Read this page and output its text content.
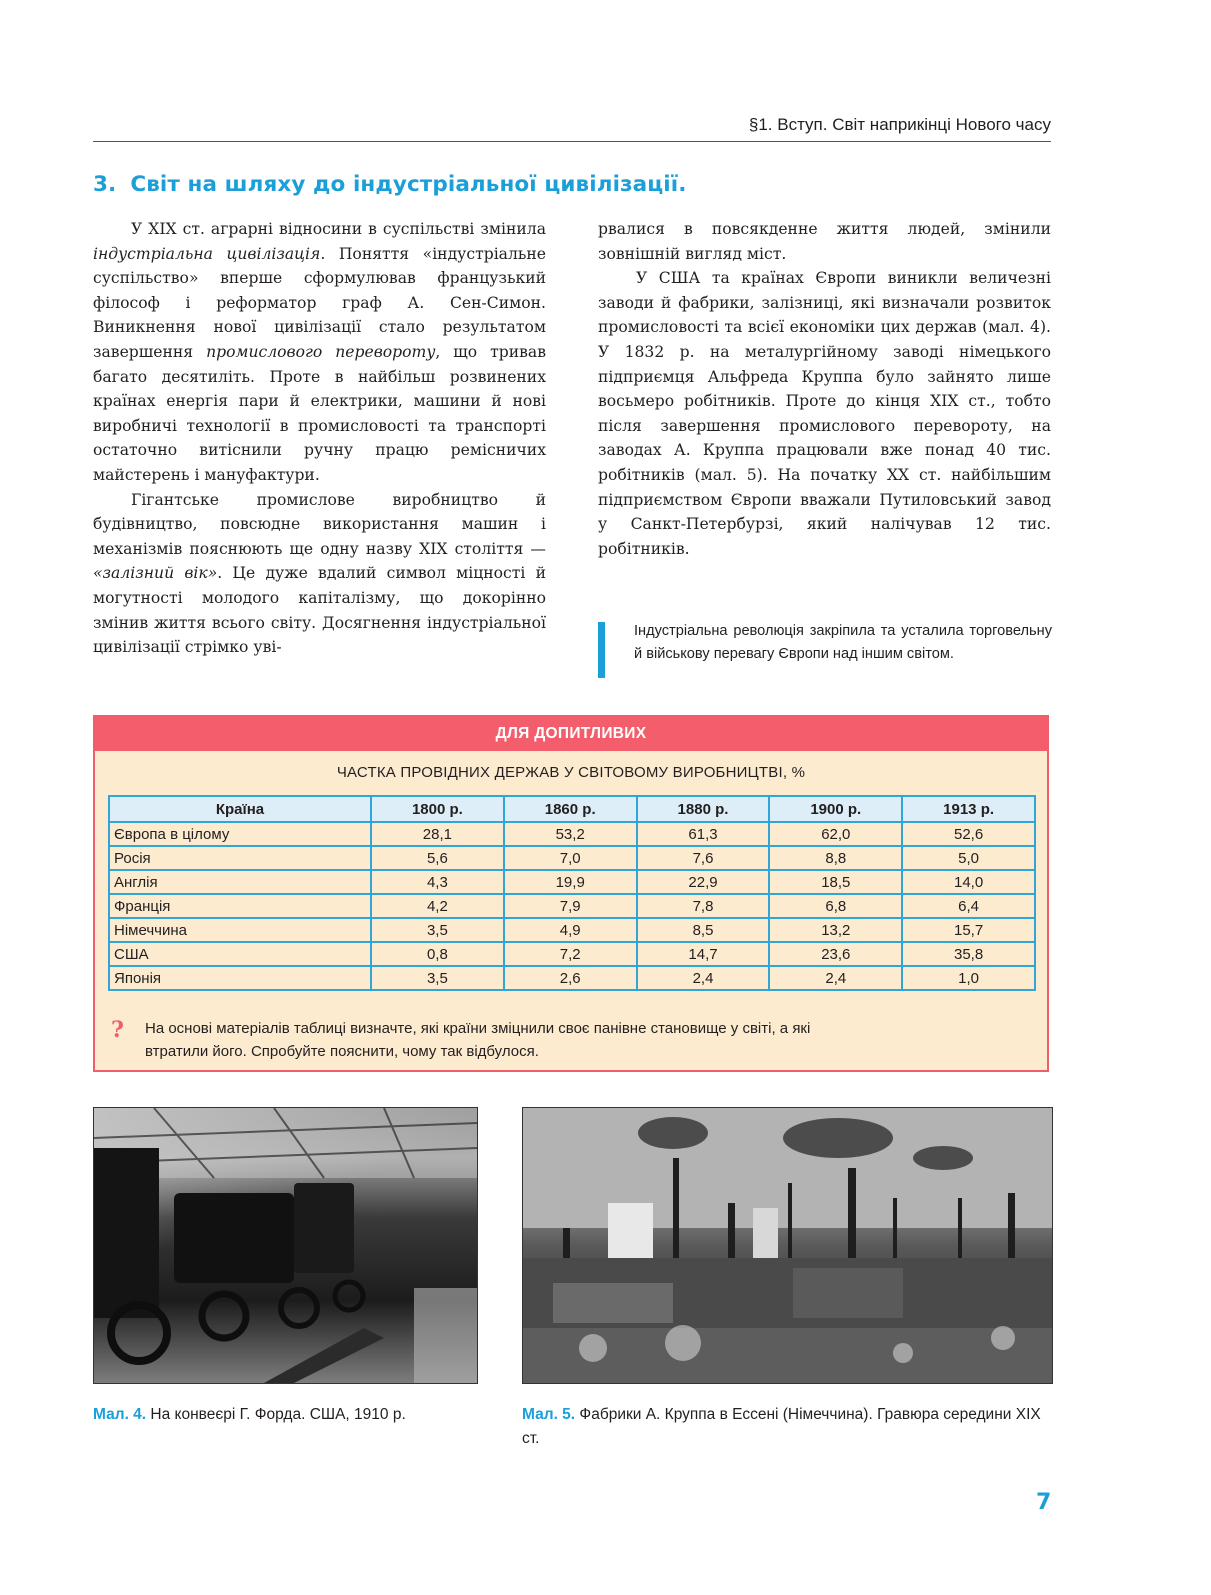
§1. Вступ. Світ наприкінці Нового часу
3. Світ на шляху до індустріальної цивілізації.

У XIX ст. аграрні відносини в суспільстві змінила індустріальна цивілізація. Поняття «індустріальне суспільство» вперше сформулював французький філософ і реформатор граф А. Сен-Симон. Виникнення нової цивілізації стало результатом завершення промислового перевороту, що тривав багато десятиліть. Проте в найбільш розвинених країнах енергія пари й електрики, машини й нові виробничі технології в промисловості та транспорті остаточно витіснили ручну працю ремісничих майстерень і мануфактури.

Гігантське промислове виробництво й будівництво, повсюдне використання машин і механізмів пояснюють ще одну назву XIX століття — «залізний вік». Це дуже вдалий символ міцності й могутності молодого капіталізму, що докорінно змінив життя всього світу. Досягнення індустріальної цивілізації стрімко уві-

рвалися в повсякденне життя людей, змінили зовнішній вигляд міст.

У США та країнах Європи виникли величезні заводи й фабрики, залізниці, які визначали розвиток промисловості та всієї економіки цих держав (мал. 4). У 1832 р. на металургійному заводі німецького підприємця Альфреда Круппа було зайнято лише восьмеро робітників. Проте до кінця XIX ст., тобто після завершення промислового перевороту, на заводах А. Круппа працювали вже понад 40 тис. робітників (мал. 5). На початку XX ст. найбільшим підприємством Європи вважали Путиловський завод у Санкт-Петербурзі, який налічував 12 тис. робітників.

Індустріальна революція закріпила та усталила торговельну й військову перевагу Європи над іншим світом.
ДЛЯ ДОПИТЛИВИХ
ЧАСТКА ПРОВІДНИХ ДЕРЖАВ У СВІТОВОМУ ВИРОБНИЦТВІ, %
Країна	1800 р.	1860 р.	1880 р.	1900 р.	1913 р.
Європа в цілому	28,1	53,2	61,3	62,0	52,6
Росія	5,6	7,0	7,6	8,8	5,0
Англія	4,3	19,9	22,9	18,5	14,0
Франція	4,2	7,9	7,8	6,8	6,4
Німеччина	3,5	4,9	8,5	13,2	15,7
США	0,8	7,2	14,7	23,6	35,8
Японія	3,5	2,6	2,4	2,4	1,0
? На основі матеріалів таблиці визначте, які країни зміцнили своє панівне становище у світі, а які втратили його. Спробуйте пояснити, чому так відбулося.
Мал. 4. На конвеєрі Г. Форда. США, 1910 р.	Мал. 5. Фабрики А. Круппа в Ессені (Німеччина). Гравюра середини XIX ст.
7
